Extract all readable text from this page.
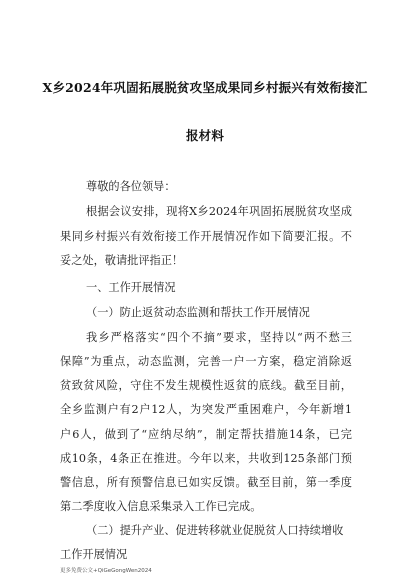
X乡2024年巩固拓展脱贫攻坚成果同乡村振兴有效衔接汇
报材料
尊敬的各位领导：
根据会议安排，现将X乡2024年巩固拓展脱贫攻坚成
果同乡村振兴有效衔接工作开展情况作如下简要汇报。不
妥之处，敬请批评指正！
一、工作开展情况
（一）防止返贫动态监测和帮扶工作开展情况
我乡严格落实“四个不摘”要求，坚持以“两不愁三
保障”为重点，动态监测，完善一户一方案，稳定消除返
贫致贫风险，守住不发生规模性返贫的底线。截至目前，
全乡监测户有2户12人，为突发严重困难户，今年新增1
户6人，做到了“应纳尽纳”，制定帮扶措施14条，已完
成10条，4条正在推进。今年以来，共收到125条部门预
警信息，所有预警信息已如实反馈。截至目前，第一季度
第二季度收入信息采集录入工作已完成。
（二）提升产业、促进转移就业促脱贫人口持续增收
工作开展情况
更多免费公文+QiGeGongWen2024
